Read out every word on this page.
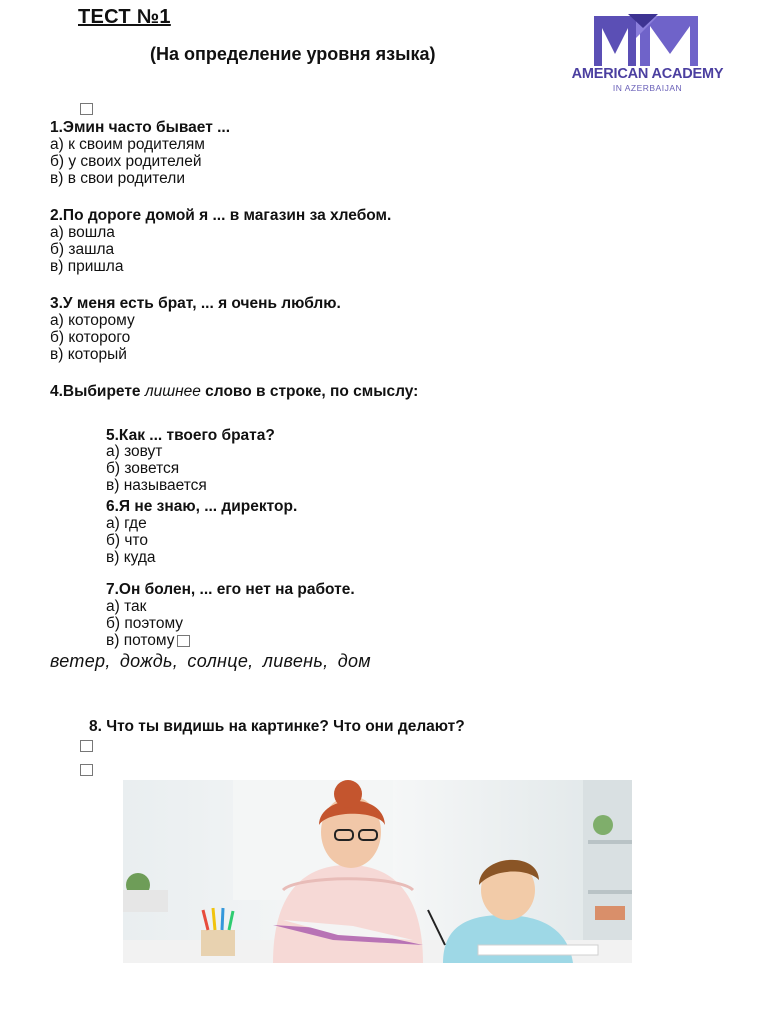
ТЕСТ №1
(На определение уровня языка)
AMERICAN ACADEMY
IN AZERBAIJAN
1.Эмин часто бывает ...
а) к своим родителям
б) у своих родителей
в) в свои родители
2.По дороге домой я ... в магазин за хлебом.
а) вошла
б) зашла
в) пришла
3.У меня есть брат, ... я очень люблю.
а) которому
б) которого
в) который
4.Выбирете лишнее слово в строке, по смыслу:
5.Как ... твоего брата?
а) зовут
б) зовется
в) называется
6.Я не знаю, ... директор.
а) где
б) что
в) куда
7.Он болен, ... его нет на работе.
а) так
б) поэтому
в) потому
ветер, дождь, солнце, ливень, дом
8. Что ты видишь на картинке? Что они делают?
